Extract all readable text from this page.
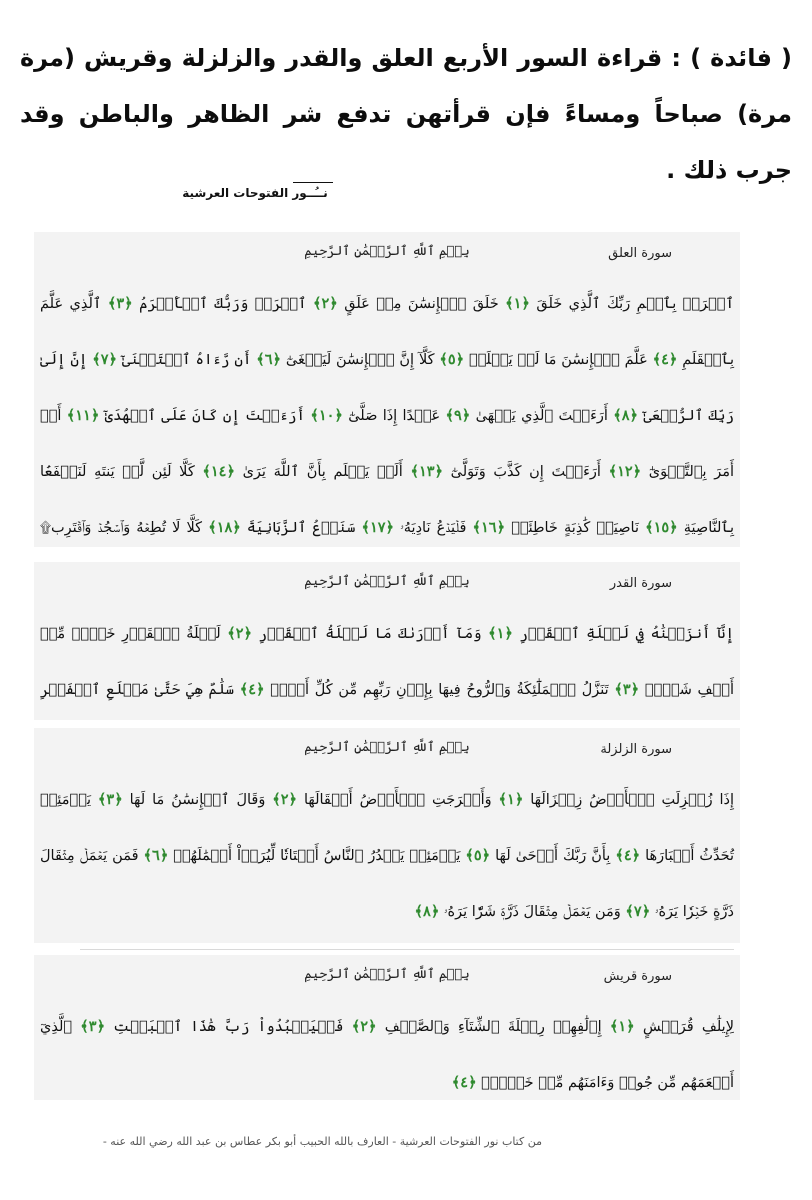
( فائدة ) : قراءة السور الأربع العلق والقدر والزلزلة وقريش (مرة مرة) صباحاً ومساءً فإن قرأتهن تدفع شر الظاهر والباطن وقد جرب ذلك .
نــُــور الفتوحات العرشية
سورة العلق
بِسۡمِ ٱللَّهِ ٱلرَّحۡمَٰنِ ٱلرَّحِيمِ
ٱقۡرَأۡ بِٱسۡمِ رَبِّكَ ٱلَّذِي خَلَقَ ﴿١﴾ خَلَقَ ٱلۡإِنسَٰنَ مِنۡ عَلَقٍ ﴿٢﴾ ٱقۡرَأۡ وَرَبُّكَ ٱلۡأَكۡرَمُ ﴿٣﴾ ٱلَّذِي عَلَّمَ بِٱلۡقَلَمِ ﴿٤﴾ عَلَّمَ ٱلۡإِنسَٰنَ مَا لَمۡ يَعۡلَمۡ ﴿٥﴾ كَلَّآ إِنَّ ٱلۡإِنسَٰنَ لَيَطۡغَىٰٓ ﴿٦﴾ أَن رَّءَاهُ ٱسۡتَغۡنَىٰٓ ﴿٧﴾ إِنَّ إِلَىٰ رَبِّكَ ٱلرُّجۡعَىٰٓ ﴿٨﴾ أَرَءَيۡتَ ٱلَّذِي يَنۡهَىٰ ﴿٩﴾ عَبۡدًا إِذَا صَلَّىٰٓ ﴿١٠﴾ أَرَءَيۡتَ إِن كَانَ عَلَى ٱلۡهُدَىٰٓ ﴿١١﴾ أَوۡ أَمَرَ بِٱلتَّقۡوَىٰٓ ﴿١٢﴾ أَرَءَيۡتَ إِن كَذَّبَ وَتَوَلَّىٰٓ ﴿١٣﴾ أَلَمۡ يَعۡلَم بِأَنَّ ٱللَّهَ يَرَىٰ ﴿١٤﴾ كَلَّا لَئِن لَّمۡ يَنتَهِ لَنَسۡفَعَۢا بِٱلنَّاصِيَةِ ﴿١٥﴾ نَاصِيَةٖ كَٰذِبَةٍ خَاطِئَةٖ ﴿١٦﴾ فَلۡيَدۡعُ نَادِيَهُۥ ﴿١٧﴾ سَنَدۡعُ ٱلزَّبَانِيَةَ ﴿١٨﴾ كَلَّا لَا تُطِعۡهُ وَٱسۡجُدۡ وَٱقۡتَرِب۩
سورة القدر
بِسۡمِ ٱللَّهِ ٱلرَّحۡمَٰنِ ٱلرَّحِيمِ
إِنَّآ أَنزَلۡنَٰهُ فِي لَيۡلَةِ ٱلۡقَدۡرِ ﴿١﴾ وَمَآ أَدۡرَىٰكَ مَا لَيۡلَةُ ٱلۡقَدۡرِ ﴿٢﴾ لَيۡلَةُ ٱلۡقَدۡرِ خَيۡرٞ مِّنۡ أَلۡفِ شَهۡرٖ ﴿٣﴾ تَنَزَّلُ ٱلۡمَلَٰٓئِكَةُ وَٱلرُّوحُ فِيهَا بِإِذۡنِ رَبِّهِم مِّن كُلِّ أَمۡرٖ ﴿٤﴾ سَلَٰمٌ هِيَ حَتَّىٰ مَطۡلَعِ ٱلۡفَجۡرِ
سورة الزلزلة
بِسۡمِ ٱللَّهِ ٱلرَّحۡمَٰنِ ٱلرَّحِيمِ
إِذَا زُلۡزِلَتِ ٱلۡأَرۡضُ زِلۡزَالَهَا ﴿١﴾ وَأَخۡرَجَتِ ٱلۡأَرۡضُ أَثۡقَالَهَا ﴿٢﴾ وَقَالَ ٱلۡإِنسَٰنُ مَا لَهَا ﴿٣﴾ يَوۡمَئِذٖ تُحَدِّثُ أَخۡبَارَهَا ﴿٤﴾ بِأَنَّ رَبَّكَ أَوۡحَىٰ لَهَا ﴿٥﴾ يَوۡمَئِذٖ يَصۡدُرُ ٱلنَّاسُ أَشۡتَاتٗا لِّيُرَوۡاْ أَعۡمَٰلَهُمۡ ﴿٦﴾ فَمَن يَعۡمَلۡ مِثۡقَالَ ذَرَّةٍ خَيۡرٗا يَرَهُۥ ﴿٧﴾ وَمَن يَعۡمَلۡ مِثۡقَالَ ذَرَّةٖ شَرّٗا يَرَهُۥ ﴿٨﴾
سورة قريش
بِسۡمِ ٱللَّهِ ٱلرَّحۡمَٰنِ ٱلرَّحِيمِ
لِإِيلَٰفِ قُرَيۡشٍ ﴿١﴾ إِۦلَٰفِهِمۡ رِحۡلَةَ ٱلشِّتَآءِ وَٱلصَّيۡفِ ﴿٢﴾ فَلۡيَعۡبُدُواْ رَبَّ هَٰذَا ٱلۡبَيۡتِ ﴿٣﴾ ٱلَّذِيٓ أَطۡعَمَهُم مِّن جُوعٖ وَءَامَنَهُم مِّنۡ خَوۡفِۭ ﴿٤﴾
من كتاب نور الفتوحات العرشية - العارف بالله الحبيب أبو بكر عطاس بن عبد الله رضي الله عنه -
